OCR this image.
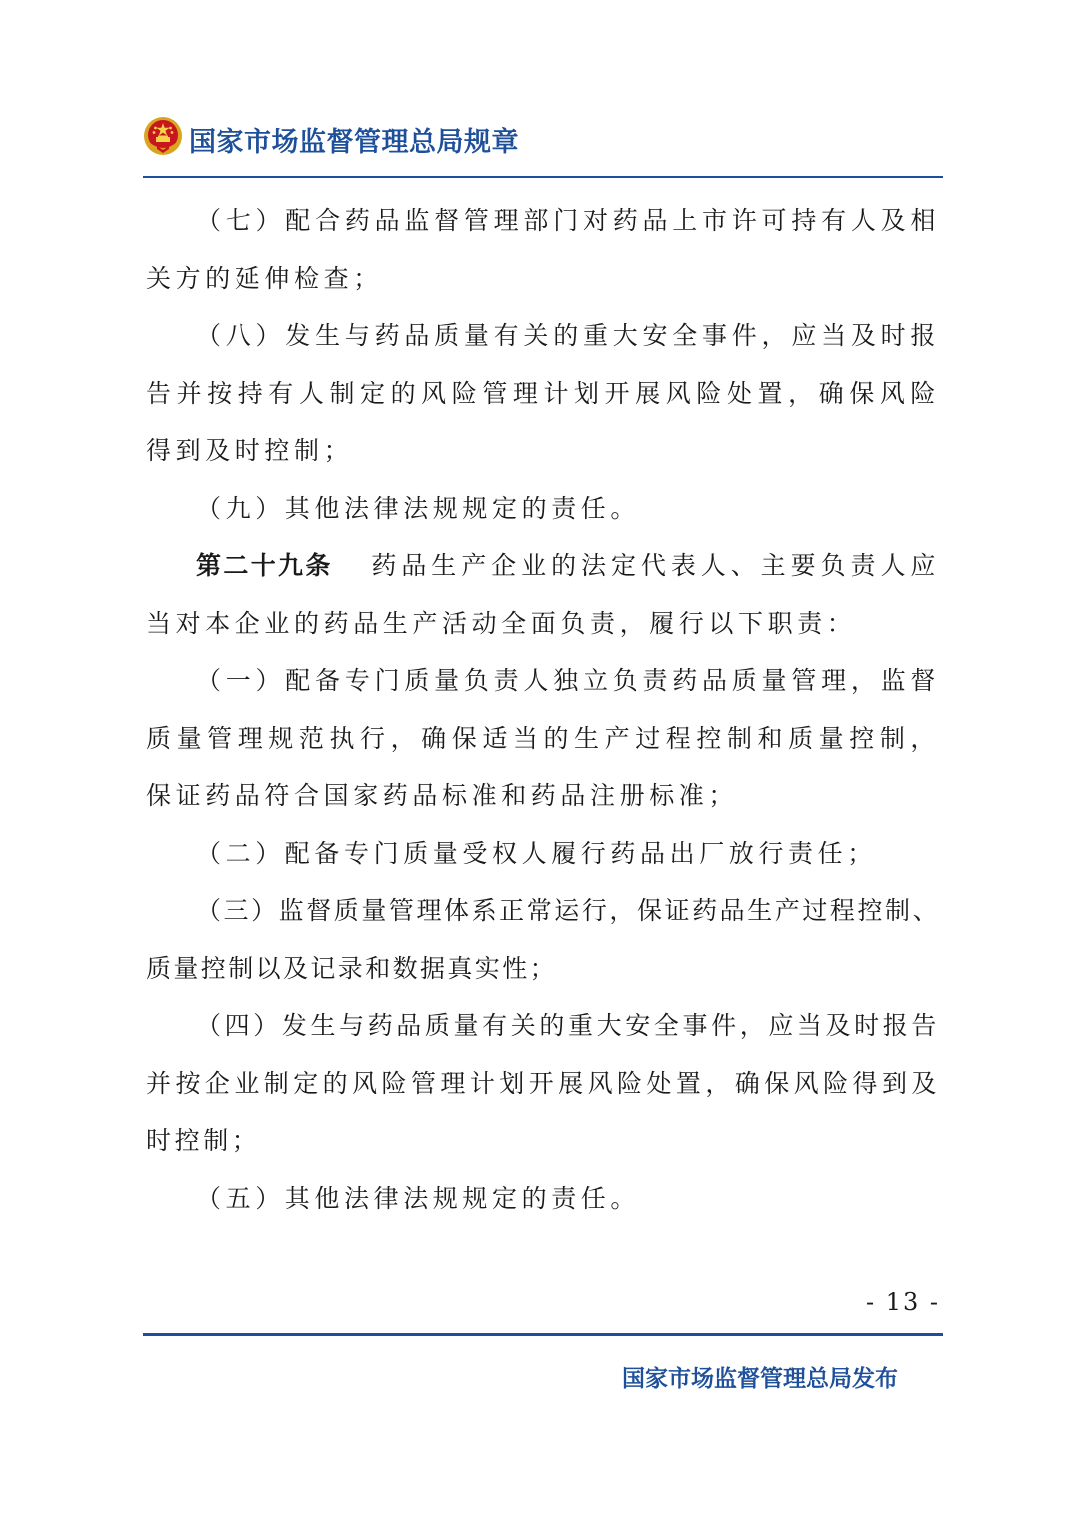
国家市场监督管理总局规章

（七）配合药品监督管理部门对药品上市许可持有人及相关方的延伸检查；

（八）发生与药品质量有关的重大安全事件，应当及时报告并按持有人制定的风险管理计划开展风险处置，确保风险得到及时控制；

（九）其他法律法规规定的责任。

第二十九条 药品生产企业的法定代表人、主要负责人应当对本企业的药品生产活动全面负责，履行以下职责：

（一）配备专门质量负责人独立负责药品质量管理，监督质量管理规范执行，确保适当的生产过程控制和质量控制，保证药品符合国家药品标准和药品注册标准；

（二）配备专门质量受权人履行药品出厂放行责任；

（三）监督质量管理体系正常运行，保证药品生产过程控制、质量控制以及记录和数据真实性；

（四）发生与药品质量有关的重大安全事件，应当及时报告并按企业制定的风险管理计划开展风险处置，确保风险得到及时控制；

（五）其他法律法规规定的责任。

- 13 -
国家市场监督管理总局发布
